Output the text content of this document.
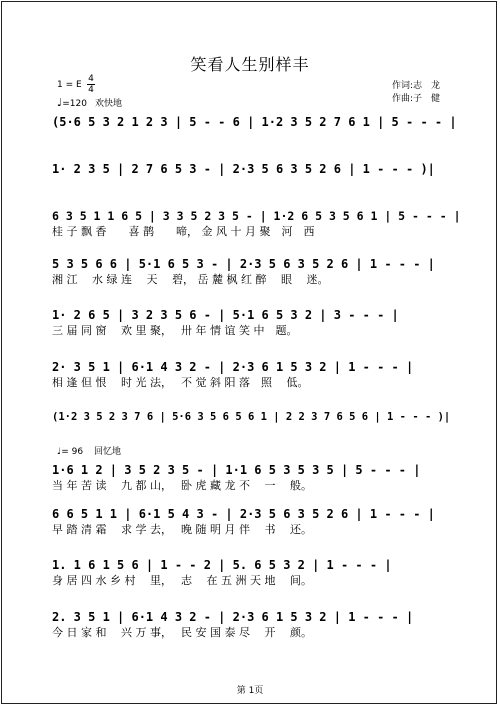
笑看人生别样丰
作词:志　龙
作曲:子　健
1 = E
4
4
♩=120 欢快地
(5·6 5 3 2 1 2 3 | 5 - - 6 | 1·2 3 5 2 7 6 1 | 5 - - - |
1· 2 3 5 | 2 7 6 5 3 - | 2·3 5 6 3 5 2 6 | 1 - - - )|
6 3 5 1 1 6 5 | 3 3 5 2 3 5 - | 1·2 6 5 3 5 6 1 | 5 - - - |
桂 子 飘 香　　喜 鹊　　啼， 金 风 十 月 聚　河　西
5 3 5 6 6 | 5·1 6 5 3 - | 2·3 5 6 3 5 2 6 | 1 - - - |
湘 江　 水 绿 连　 天　 碧， 岳 麓 枫 红 醉　 眼　 迷。
1· 2 6 5 | 3 2 3 5 6 - | 5·1 6 5 3 2 | 3 - - - |
三 届 同 窗　 欢 里 聚，　 卅 年 情 谊 笑 中　题。
2· 3 5 1 | 6·1 4 3 2 - | 2·3 6 1 5 3 2 | 1 - - - |
相 逢 但 恨　 时 光 法，　 不 觉 斜 阳 落　照　 低。
(1·2 3 5 2 3 7 6 | 5·6 3 5 6 5 6 1 | 2 2 3 7 6 5 6 | 1 - - - )|
♩= 96 回忆地
1·6 1 2 | 3 5 2 3 5 - | 1·1 6 5 3 5 3 5 | 5 - - - |
当 年 苦 读　 九 都 山，　 卧 虎 藏 龙 不　 一　 般。
6 6 5 1 1 | 6·1 5 4 3 - | 2·3 5 6 3 5 2 6 | 1 - - - |
早 踏 清 霜　 求 学 去，　 晚 随 明 月 伴　 书　 还。
1. 1 6 1 5 6 | 1 - - 2 | 5. 6 5 3 2 | 1 - - - |
身 居 四 水 乡 村　 里，　 志　 在 五 洲 天 地　 间。
2. 3 5 1 | 6·1 4 3 2 - | 2·3 6 1 5 3 2 | 1 - - - |
今 日 家 和　 兴 万 事，　 民 安 国 泰 尽　 开　 颜。
第 1页
